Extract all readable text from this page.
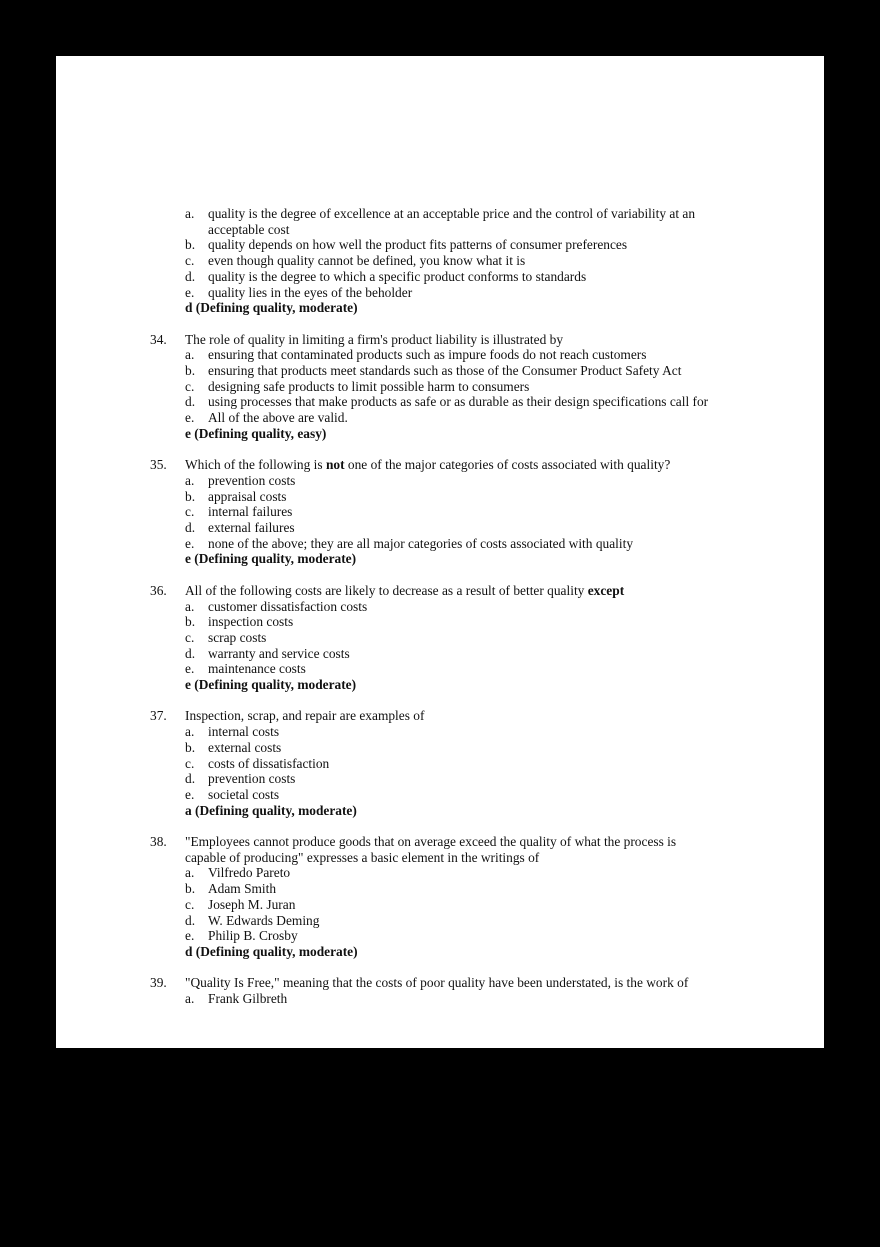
a. quality is the degree of excellence at an acceptable price and the control of variability at an acceptable cost
b. quality depends on how well the product fits patterns of consumer preferences
c. even though quality cannot be defined, you know what it is
d. quality is the degree to which a specific product conforms to standards
e. quality lies in the eyes of the beholder
d (Defining quality, moderate)
34. The role of quality in limiting a firm's product liability is illustrated by
a. ensuring that contaminated products such as impure foods do not reach customers
b. ensuring that products meet standards such as those of the Consumer Product Safety Act
c. designing safe products to limit possible harm to consumers
d. using processes that make products as safe or as durable as their design specifications call for
e. All of the above are valid.
e (Defining quality, easy)
35. Which of the following is not one of the major categories of costs associated with quality?
a. prevention costs
b. appraisal costs
c. internal failures
d. external failures
e. none of the above; they are all major categories of costs associated with quality
e (Defining quality, moderate)
36. All of the following costs are likely to decrease as a result of better quality except
a. customer dissatisfaction costs
b. inspection costs
c. scrap costs
d. warranty and service costs
e. maintenance costs
e (Defining quality, moderate)
37. Inspection, scrap, and repair are examples of
a. internal costs
b. external costs
c. costs of dissatisfaction
d. prevention costs
e. societal costs
a (Defining quality, moderate)
38. "Employees cannot produce goods that on average exceed the quality of what the process is capable of producing" expresses a basic element in the writings of
a. Vilfredo Pareto
b. Adam Smith
c. Joseph M. Juran
d. W. Edwards Deming
e. Philip B. Crosby
d (Defining quality, moderate)
39. "Quality Is Free," meaning that the costs of poor quality have been understated, is the work of
a. Frank Gilbreth
